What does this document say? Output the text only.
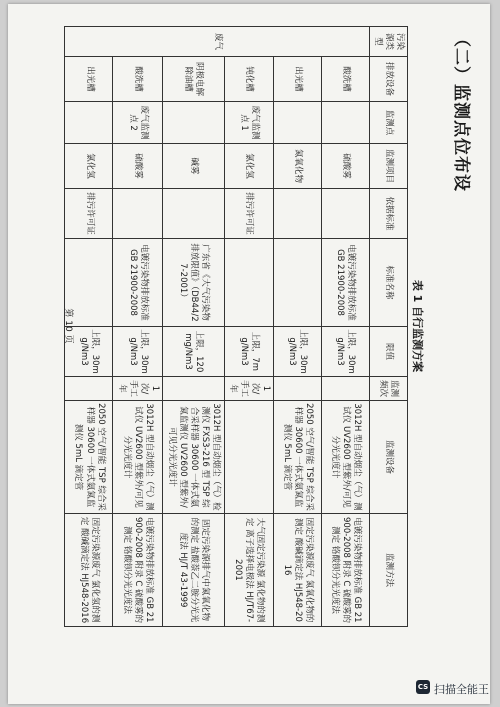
（二）监测点位布设
表 1 自行监测方案
污染源类型	排放设备	监测点	监测项目	依据标准	标准名称	限值	监测频次	监测设备	监测方法
废气	酸洗槽		硫酸雾		电镀污染物排放标准 GB 21900-2008	上限，30mg/Nm3		3012H 型自动烟尘（气）测试仪 UV2600 型紫外/可见分光光度计	电镀污染物排放标准 GB 21900-2008 附录 C 硫酸雾的测定 铬酸钡分光光度法
	出光槽		氮氧化物			上限，30mg/Nm3		2050 空气/智能 TSP 综合采样器 30600 一体式氨氮监测仪 5mL 滴定管	固定污染源废气 氮氧化物的测定 酸碱滴定法 HJ548-2016
	钝化槽	废气监测点 1	氯化氢	排污许可证		上限，7mg/Nm3	1 次/手工年		大气固定污染源 氯化物的测定 离子选择电极法 HJ/T67-2001
	阴极电解除油槽		碱雾		广东省《大气污染物排放限值》（DB44/27-2001）	上限，120mg/Nm3		3012H 型自动烟尘（气）检测仪 FXS3-216 型 TSP 综合采样器 30600 一体式氨氮监测仪 UV2600 型紫外/可见分光光度计	固定污染源排气中氮氧化物的测定 盐酸萘乙二胺分光光度法 HJ/T 43-1999
	酸洗槽	废气监测点 2	硫酸雾		电镀污染物排放标准 GB 21900-2008	上限，30mg/Nm3	1 次/手工年	3012H 型自动烟尘（气）测试仪 UV2600 型紫外/可见分光光度计	电镀污染物排放标准 GB 21900-2008 附录 C 硫酸雾的测定 铬酸钡分光光度法
	出光槽		氯化氢	排污许可证		上限，30mg/Nm3		2050 空气/智能 TSP 综合采样器 30600 一体式氨氮监测仪 5mL 滴定管	固定污染源废气 氯化氢的测定 酸碱滴定法 HJ548-2016
第 10 页
CS 扫描全能王
